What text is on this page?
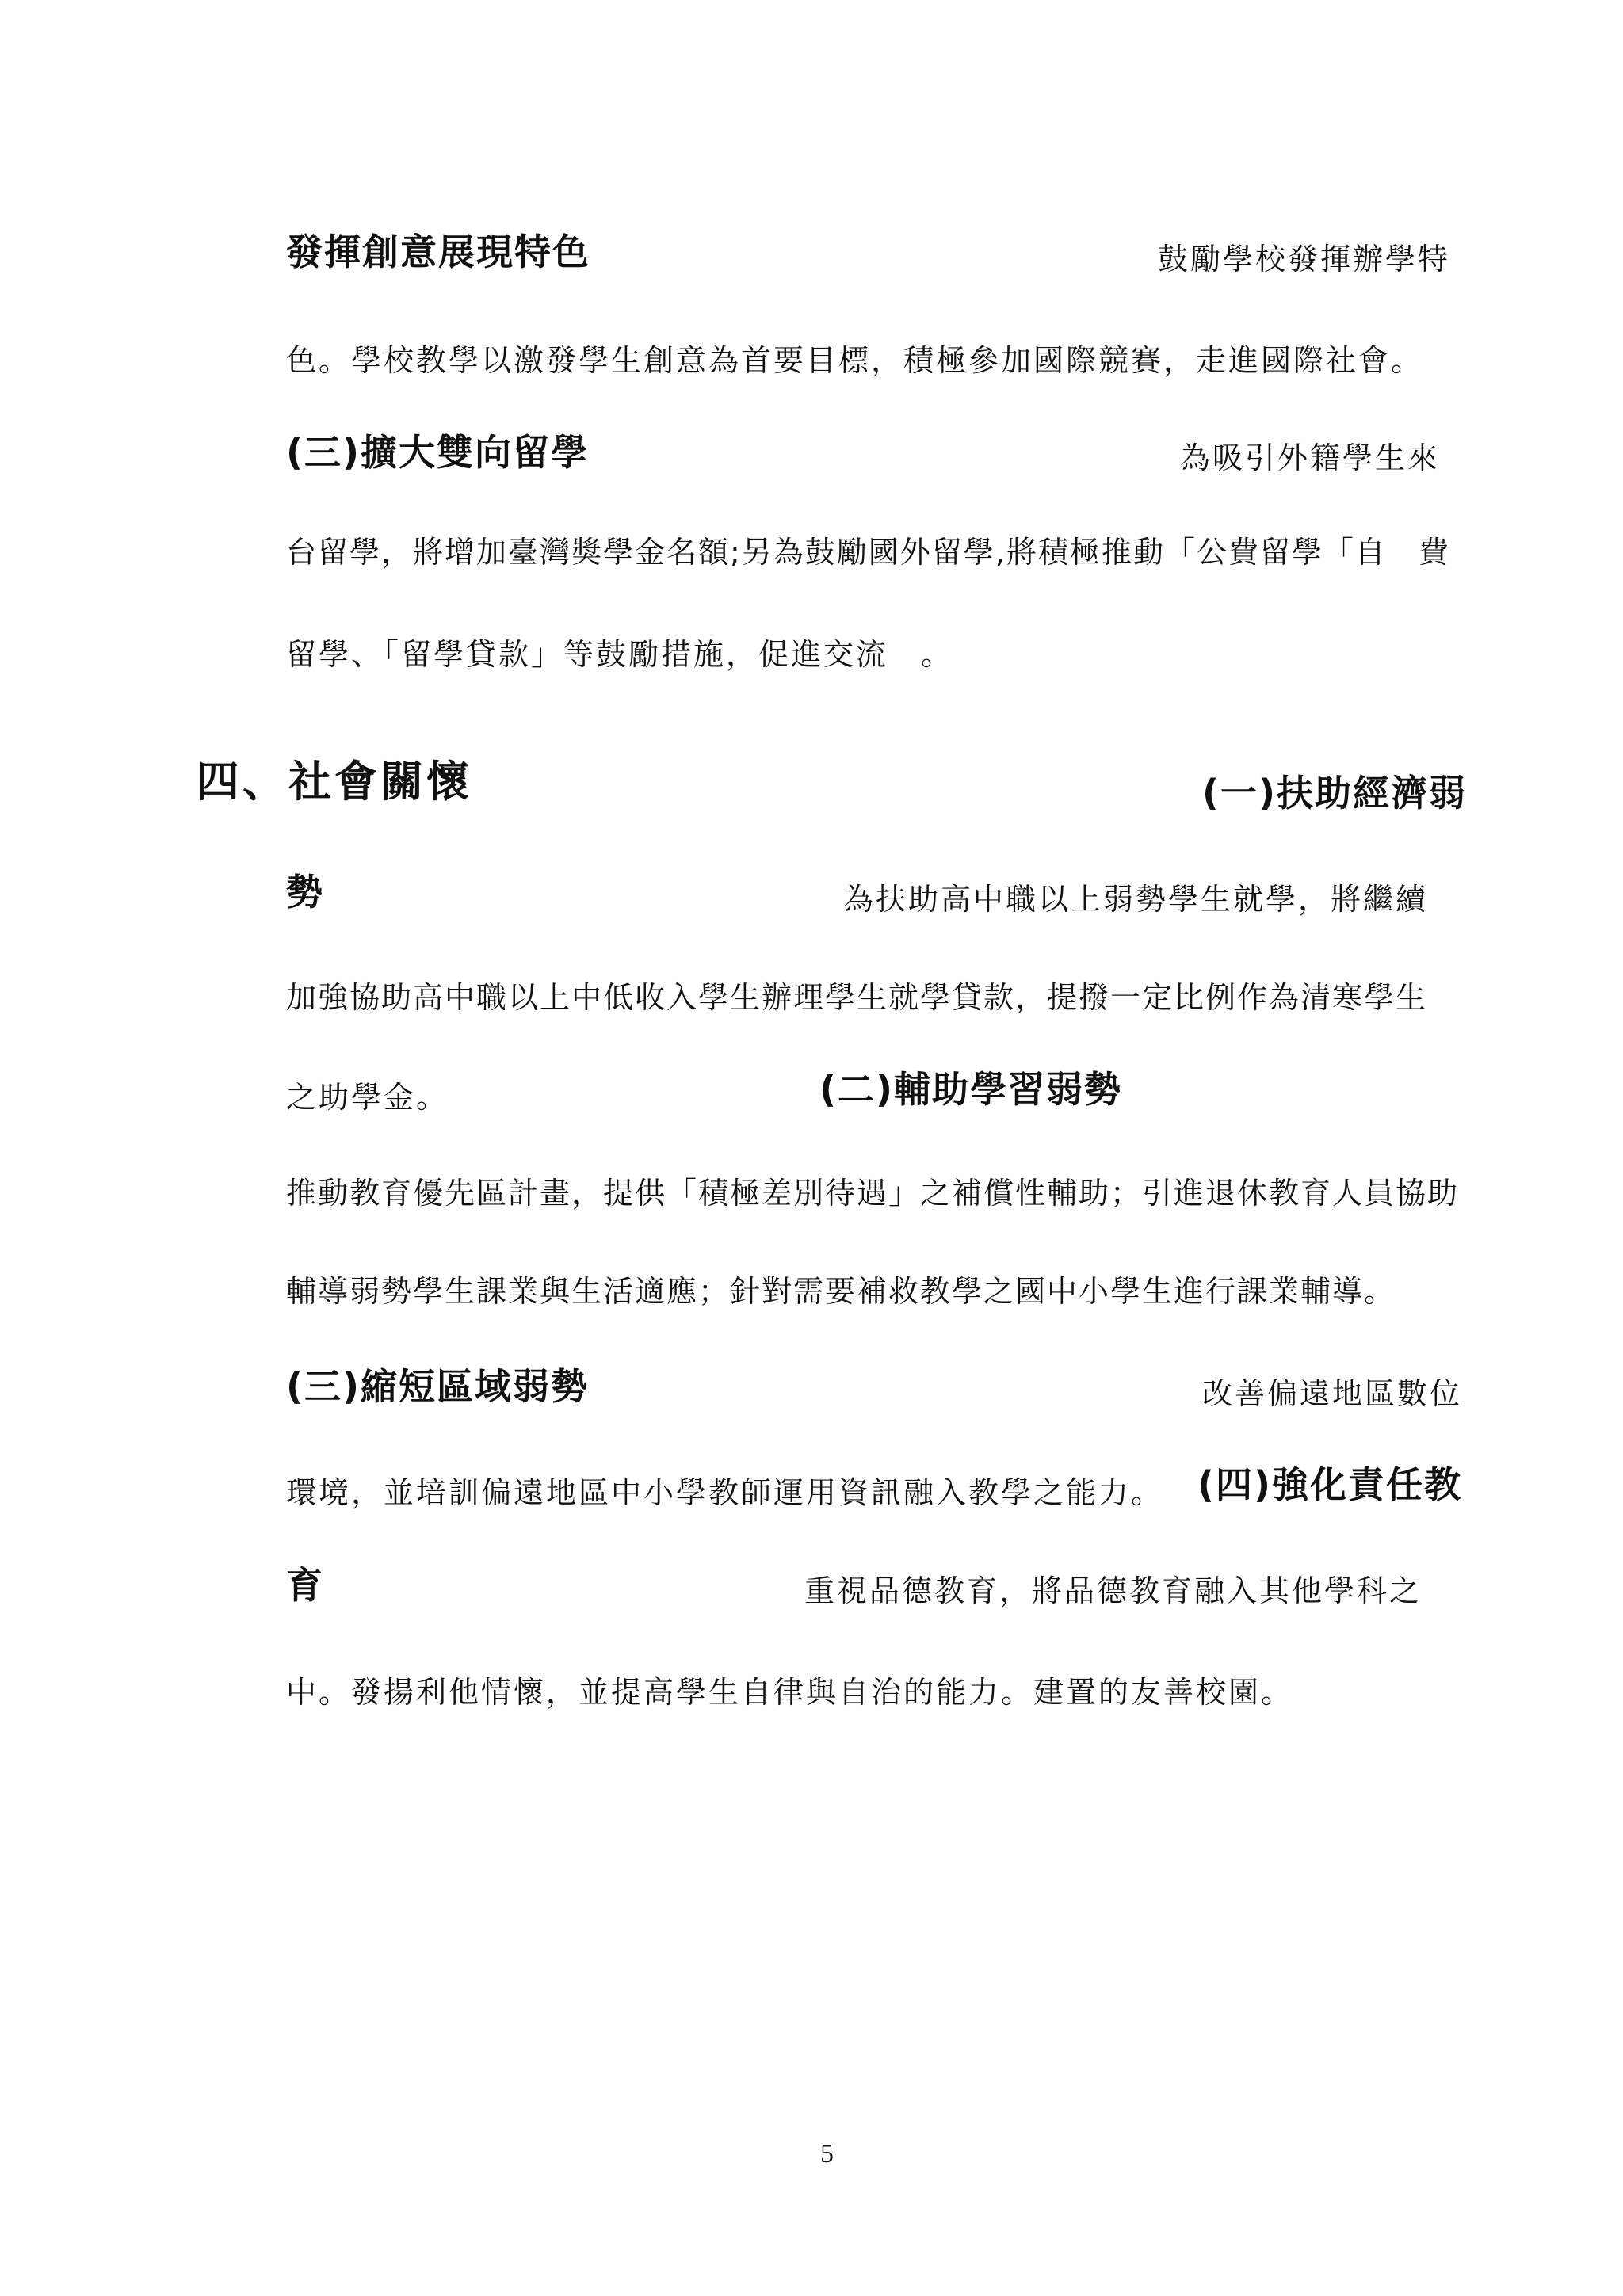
發揮創意展現特色	鼓勵學校發揮辦學特
色。學校教學以激發學生創意為首要目標，積極參加國際競賽，走進國際社會。
(三)擴大雙向留學	為吸引外籍學生來
台留學，將增加臺灣獎學金名額;另為鼓勵國外留學,將積極推動「公費留學「自　費
留學、「留學貸款」等鼓勵措施，促進交流　。
四、社會關懷	(一)扶助經濟弱
勢	為扶助高中職以上弱勢學生就學，將繼續
加強協助高中職以上中低收入學生辦理學生就學貸款，提撥一定比例作為清寒學生
之助學金。	(二)輔助學習弱勢
推動教育優先區計畫，提供「積極差別待遇」之補償性輔助；引進退休教育人員協助
輔導弱勢學生課業與生活適應；針對需要補救教學之國中小學生進行課業輔導。
(三)縮短區域弱勢	改善偏遠地區數位
環境，並培訓偏遠地區中小學教師運用資訊融入教學之能力。 (四)強化責任教
育	重視品德教育，將品德教育融入其他學科之
中。發揚利他情懷，並提高學生自律與自治的能力。建置的友善校園。
5
